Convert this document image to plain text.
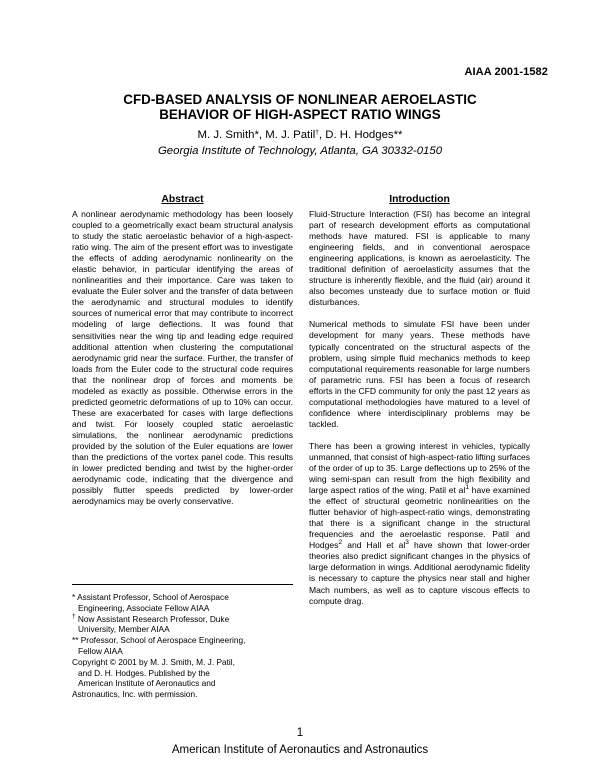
AIAA 2001-1582
CFD-BASED ANALYSIS OF NONLINEAR AEROELASTIC
BEHAVIOR OF HIGH-ASPECT RATIO WINGS
M. J. Smith*, M. J. Patil†, D. H. Hodges**
Georgia Institute of Technology, Atlanta, GA 30332-0150
Abstract

A nonlinear aerodynamic methodology has been loosely coupled to a geometrically exact beam structural analysis to study the static aeroelastic behavior of a high-aspect-ratio wing. The aim of the present effort was to investigate the effects of adding aerodynamic nonlinearity on the elastic behavior, in particular identifying the areas of nonlinearities and their importance. Care was taken to evaluate the Euler solver and the transfer of data between the aerodynamic and structural modules to identify sources of numerical error that may contribute to incorrect modeling of large deflections. It was found that sensitivities near the wing tip and leading edge required additional attention when clustering the computational aerodynamic grid near the surface. Further, the transfer of loads from the Euler code to the structural code requires that the nonlinear drop of forces and moments be modeled as exactly as possible. Otherwise errors in the predicted geometric deformations of up to 10% can occur. These are exacerbated for cases with large deflections and twist. For loosely coupled static aeroelastic simulations, the nonlinear aerodynamic predictions provided by the solution of the Euler equations are lower than the predictions of the vortex panel code. This results in lower predicted bending and twist by the higher-order aerodynamic code, indicating that the divergence and possibly flutter speeds predicted by lower-order aerodynamics may be overly conservative.

Introduction

Fluid-Structure Interaction (FSI) has become an integral part of research development efforts as computational methods have matured. FSI is applicable to many engineering fields, and in conventional aerospace engineering applications, is known as aeroelasticity. The traditional definition of aeroelasticity assumes that the structure is inherently flexible, and the fluid (air) around it also becomes unsteady due to surface motion or fluid disturbances.

Numerical methods to simulate FSI have been under development for many years. These methods have typically concentrated on the structural aspects of the problem, using simple fluid mechanics methods to keep computational requirements reasonable for large numbers of parametric runs. FSI has been a focus of research efforts in the CFD community for only the past 12 years as computational methodologies have matured to a level of confidence where interdisciplinary problems may be tackled.

There has been a growing interest in vehicles, typically unmanned, that consist of high-aspect-ratio lifting surfaces of the order of up to 35. Large deflections up to 25% of the wing semi-span can result from the high flexibility and large aspect ratios of the wing. Patil et $al^1$ have examined the effect of structural geometric nonlinearities on the flutter behavior of high-aspect-ratio wings, demonstrating that there is a significant change in the structural frequencies and the aeroelastic response. Patil and Hodges$^2$ and Hall et $al^3$ have shown that lower-order theories also predict significant changes in the physics of large deformation in wings. Additional aerodynamic fidelity is necessary to capture the physics near stall and higher Mach numbers, as well as to capture viscous effects to compute drag.

* Assistant Professor, School of Aerospace
Engineering, Associate Fellow AIAA
† Now Assistant Research Professor, Duke
University, Member AIAA
** Professor, School of Aerospace Engineering,
Fellow AIAA
Copyright © 2001 by M. J. Smith, M. J. Patil,
and D. H. Hodges. Published by the
American Institute of Aeronautics and
Astronautics, Inc. with permission.
1
American Institute of Aeronautics and Astronautics
